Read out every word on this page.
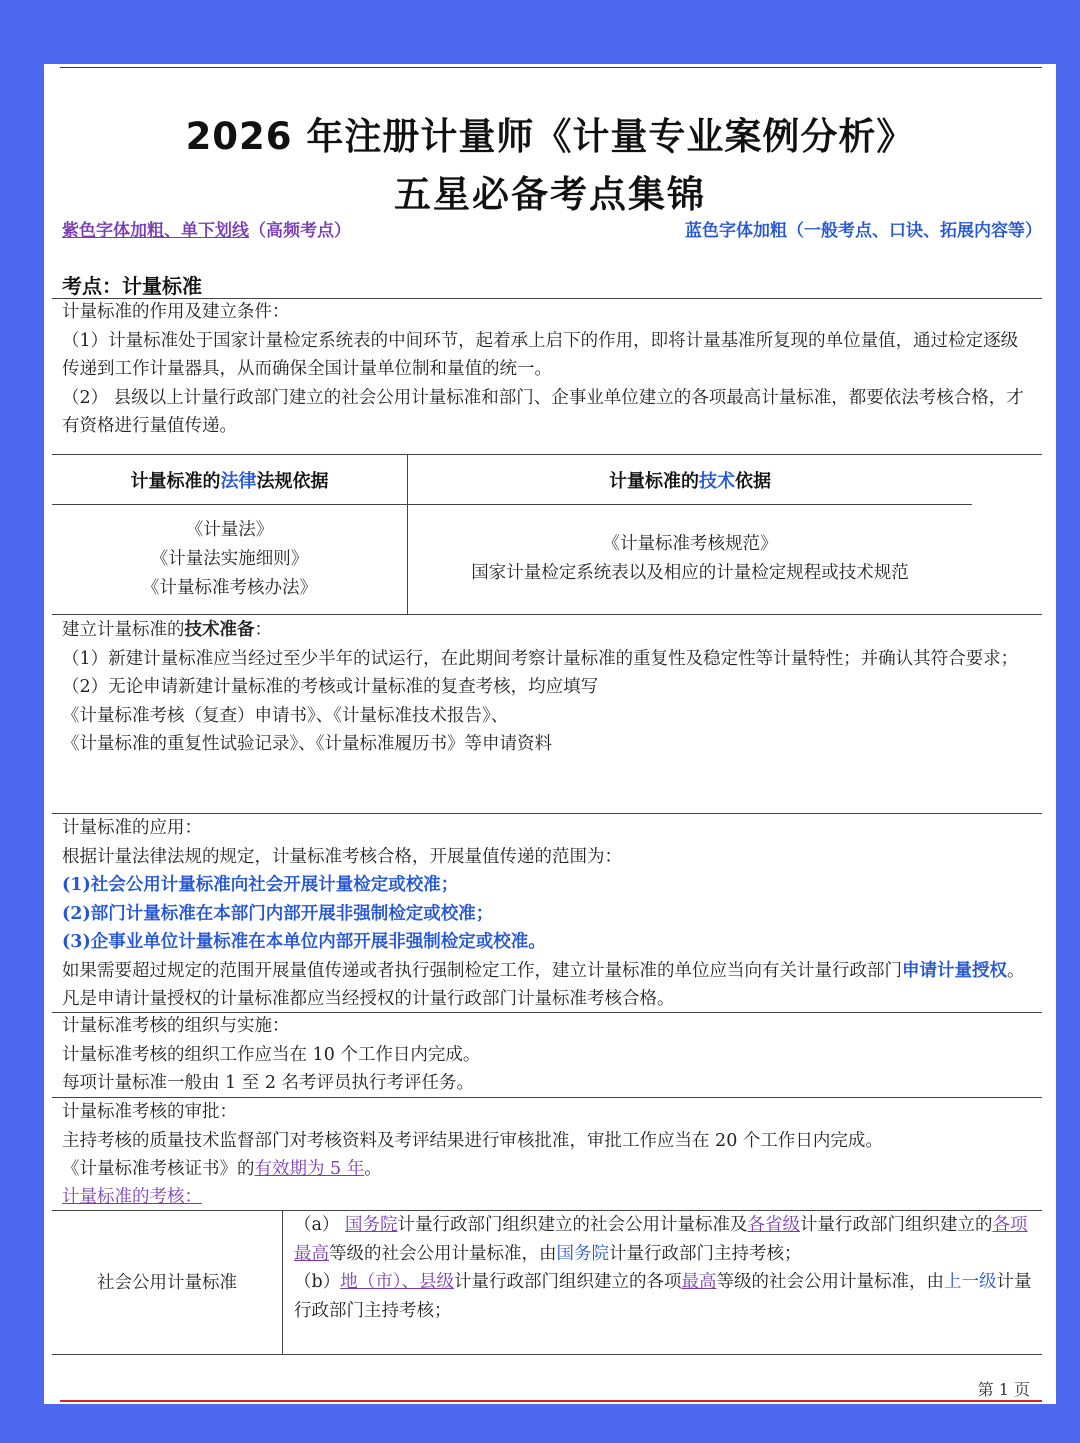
2026 年注册计量师《计量专业案例分析》
五星必备考点集锦
紫色字体加粗、单下划线（高频考点）	蓝色字体加粗（一般考点、口诀、拓展内容等）
考点：计量标准

计量标准的作用及建立条件：

（1）计量标准处于国家计量检定系统表的中间环节，起着承上启下的作用，即将计量基准所复现的单位量值，通过检定逐级传递到工作计量器具，从而确保全国计量单位制和量值的统一。

（2） 县级以上计量行政部门建立的社会公用计量标准和部门、企事业单位建立的各项最高计量标准，都要依法考核合格，才有资格进行量值传递。

计量标准的法律法规依据	计量标准的技术依据
《计量法》
《计量法实施细则》
《计量标准考核办法》
《计量标准考核规范》
国家计量检定系统表以及相应的计量检定规程或技术规范

建立计量标准的技术准备：

（1）新建计量标准应当经过至少半年的试运行，在此期间考察计量标准的重复性及稳定性等计量特性；并确认其符合要求；

（2）无论申请新建计量标准的考核或计量标准的复查考核，均应填写

《计量标准考核（复查）申请书》、《计量标准技术报告》、

《计量标准的重复性试验记录》、《计量标准履历书》等申请资料

计量标准的应用：

根据计量法律法规的规定，计量标准考核合格，开展量值传递的范围为：

(1)社会公用计量标准向社会开展计量检定或校准；

(2)部门计量标准在本部门内部开展非强制检定或校准；

(3)企事业单位计量标准在本单位内部开展非强制检定或校准。

如果需要超过规定的范围开展量值传递或者执行强制检定工作，建立计量标准的单位应当向有关计量行政部门申请计量授权。凡是申请计量授权的计量标准都应当经授权的计量行政部门计量标准考核合格。

计量标准考核的组织与实施：

计量标准考核的组织工作应当在 10 个工作日内完成。

每项计量标准一般由 1 至 2 名考评员执行考评任务。

计量标准考核的审批：

主持考核的质量技术监督部门对考核资料及考评结果进行审核批准，审批工作应当在 20 个工作日内完成。

《计量标准考核证书》的有效期为 5 年。

计量标准的考核：

社会公用计量标准

（a） 国务院计量行政部门组织建立的社会公用计量标准及各省级计量行政部门组织建立的各项最高等级的社会公用计量标准，由国务院计量行政部门主持考核；

（b）地（市）、县级计量行政部门组织建立的各项最高等级的社会公用计量标准，由上一级计量行政部门主持考核；

第 1 页
